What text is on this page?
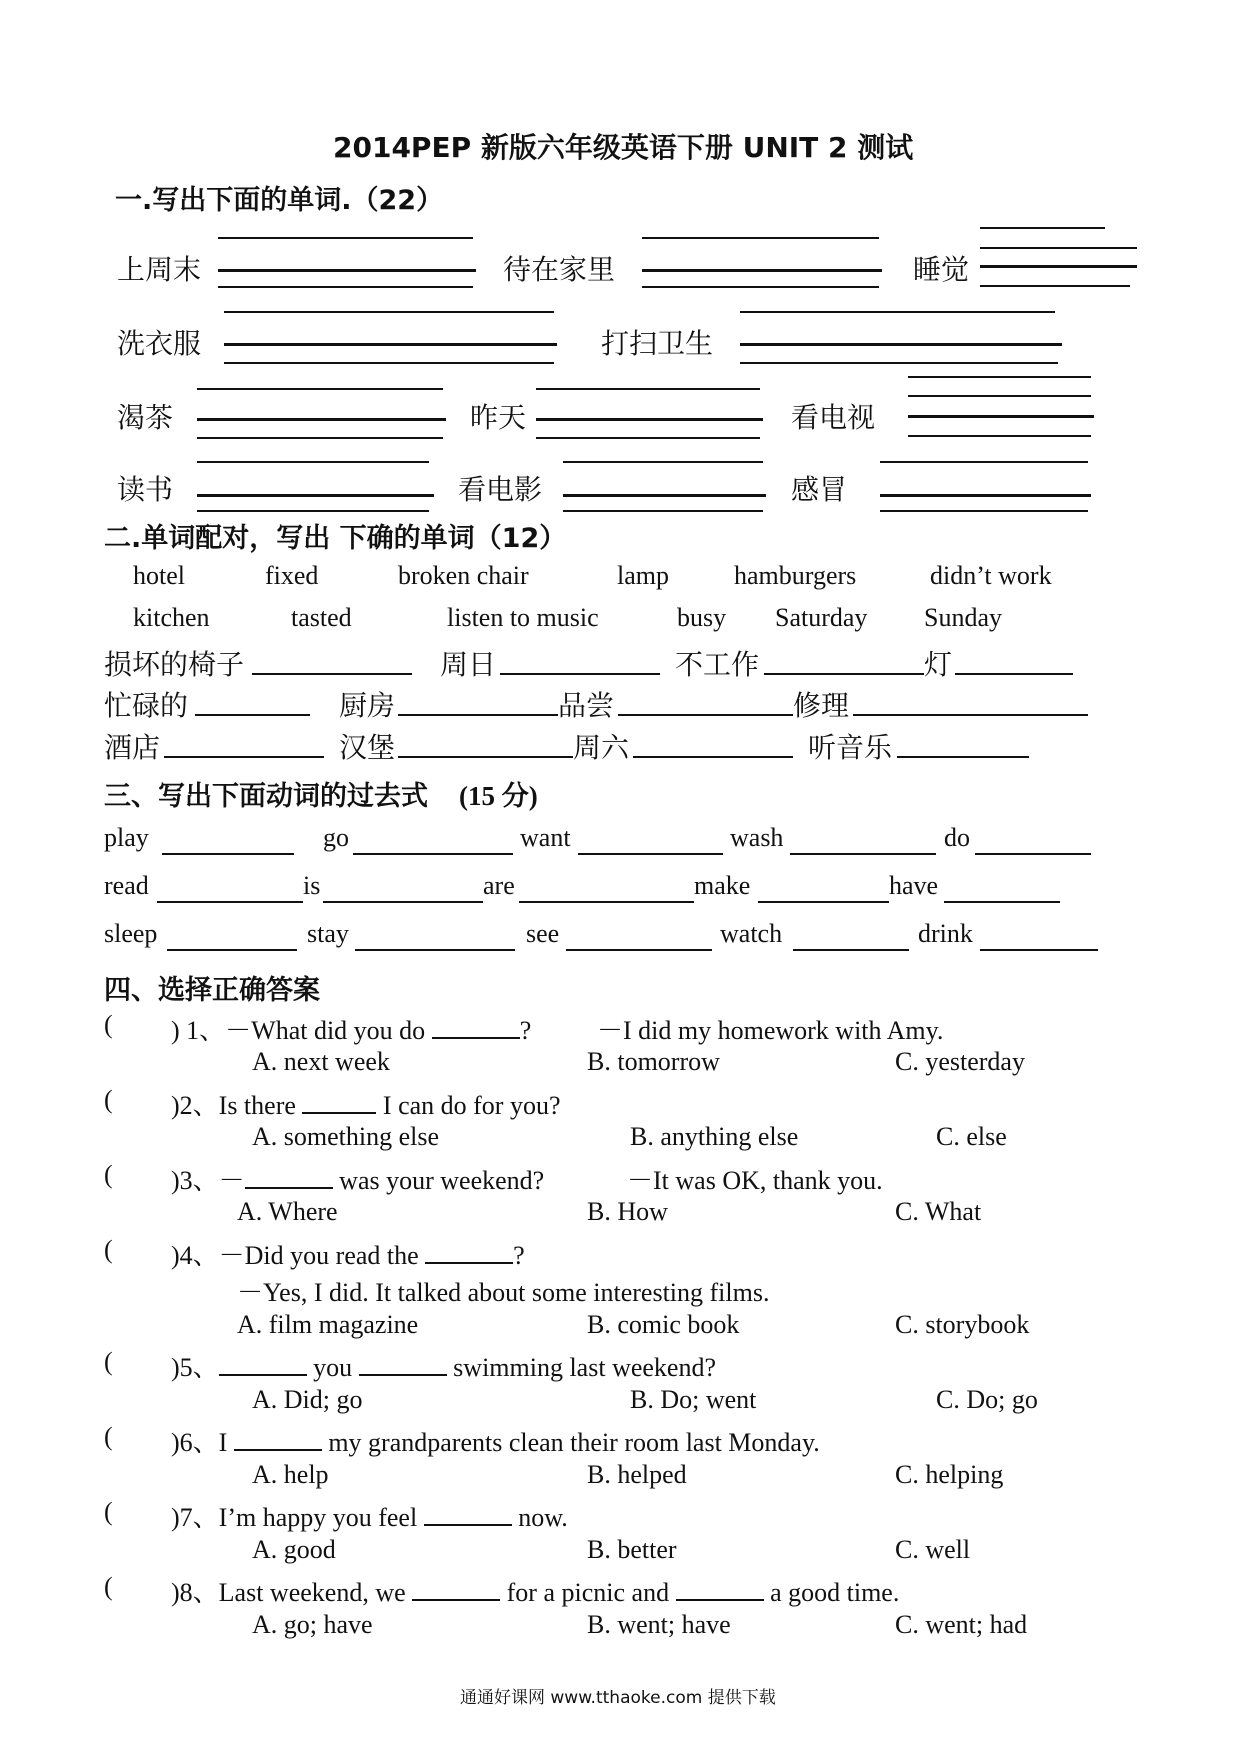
2014PEP 新版六年级英语下册 UNIT 2 测试
一.写出下面的单词.（22）
上周末	待在家里	睡觉
洗衣服	打扫卫生
渴茶	昨天	看电视
读书	看电影	感冒
二.单词配对，写出 下确的单词（12）
hotel	fixed	broken chair	lamp	hamburgers	didn’t work
kitchen	tasted	listen to music	busy Saturday Sunday
损坏的椅子	周日	不工作	灯
忙碌的	厨房	品尝	修理
酒店	汉堡	周六	听音乐
三、写出下面动词的过去式 (15 分)
play	go	want	wash	do
read	is	are	make	have
sleep	stay	see	watch	drink
四、选择正确答案
( ) 1、－What did you do	?	－I did my homework with Amy.
A. next week	B. tomorrow	C. yesterday
( )2、Is there	I can do for you?
A. something else	B. anything else	C. else
( )3、－	was your weekend?	－It was OK, thank you.
A. Where	B. How	C. What
( )4、－Did you read the	?
－Yes, I did. It talked about some interesting films.
A. film magazine	B. comic book	C. storybook
( )5、	you	swimming last weekend?
A. Did; go	B. Do; went	C. Do; go
( )6、I	my grandparents clean their room last Monday.
A. help	B. helped	C. helping
( )7、I’m happy you feel	now.
A. good	B. better	C. well
( )8、Last weekend, we	for a picnic and	a good time.
A. go; have	B. went; have	C. went; had
通通好课网 www.tthaoke.com 提供下载
